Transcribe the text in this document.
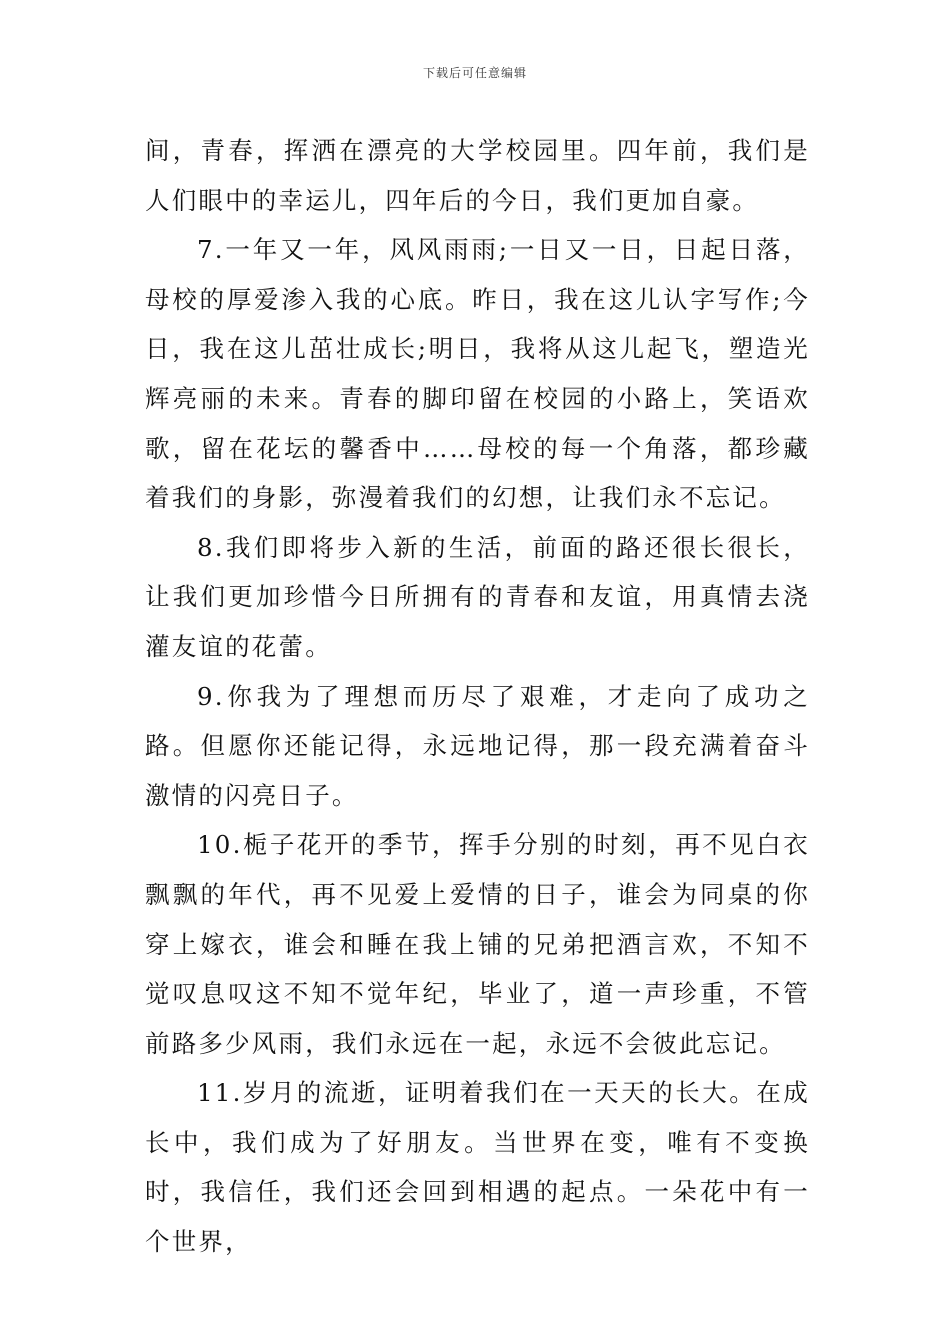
下载后可任意编辑

间，青春，挥洒在漂亮的大学校园里。四年前，我们是人们眼中的幸运儿，四年后的今日，我们更加自豪。

7.一年又一年，风风雨雨;一日又一日，日起日落，母校的厚爱渗入我的心底。昨日，我在这儿认字写作;今日，我在这儿茁壮成长;明日，我将从这儿起飞，塑造光辉亮丽的未来。青春的脚印留在校园的小路上，笑语欢歌，留在花坛的馨香中……母校的每一个角落，都珍藏着我们的身影，弥漫着我们的幻想，让我们永不忘记。

8.我们即将步入新的生活，前面的路还很长很长，让我们更加珍惜今日所拥有的青春和友谊，用真情去浇灌友谊的花蕾。

9.你我为了理想而历尽了艰难，才走向了成功之路。但愿你还能记得，永远地记得，那一段充满着奋斗激情的闪亮日子。

10.栀子花开的季节，挥手分别的时刻，再不见白衣飘飘的年代，再不见爱上爱情的日子，谁会为同桌的你穿上嫁衣，谁会和睡在我上铺的兄弟把酒言欢，不知不觉叹息叹这不知不觉年纪，毕业了，道一声珍重，不管前路多少风雨，我们永远在一起，永远不会彼此忘记。

11.岁月的流逝，证明着我们在一天天的长大。在成长中，我们成为了好朋友。当世界在变，唯有不变换时，我信任，我们还会回到相遇的起点。一朵花中有一个世界，
